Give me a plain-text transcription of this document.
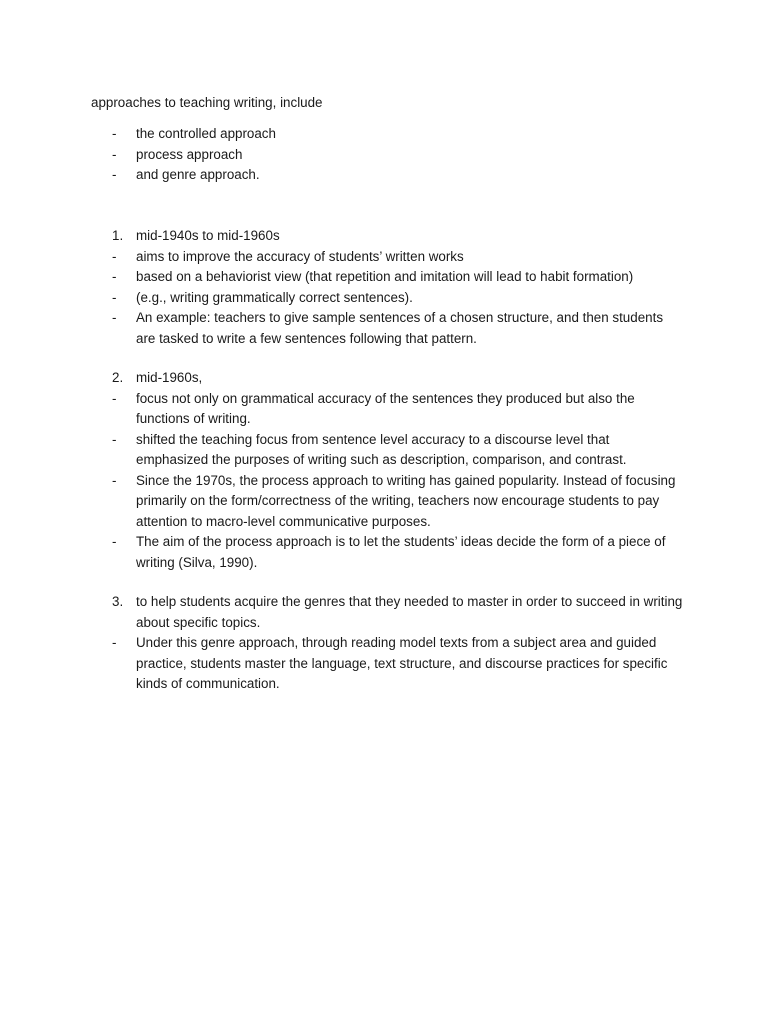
approaches to teaching writing, include
-	the controlled approach
-	process approach
-	and genre approach.
1. mid-1940s to mid-1960s
-	aims to improve the accuracy of students’ written works
-	based on a behaviorist view (that repetition and imitation will lead to habit formation)
-	(e.g., writing grammatically correct sentences).
-	An example: teachers to give sample sentences of a chosen structure, and then students are tasked to write a few sentences following that pattern.
2. mid-1960s,
-	focus not only on grammatical accuracy of the sentences they produced but also the functions of writing.
-	shifted the teaching focus from sentence level accuracy to a discourse level that emphasized the purposes of writing such as description, comparison, and contrast.
-	Since the 1970s, the process approach to writing has gained popularity. Instead of focusing primarily on the form/correctness of the writing, teachers now encourage students to pay attention to macro-level communicative purposes.
-	The aim of the process approach is to let the students’ ideas decide the form of a piece of writing (Silva, 1990).
3. to help students acquire the genres that they needed to master in order to succeed in writing about specific topics.
-	Under this genre approach, through reading model texts from a subject area and guided practice, students master the language, text structure, and discourse practices for specific kinds of communication.
